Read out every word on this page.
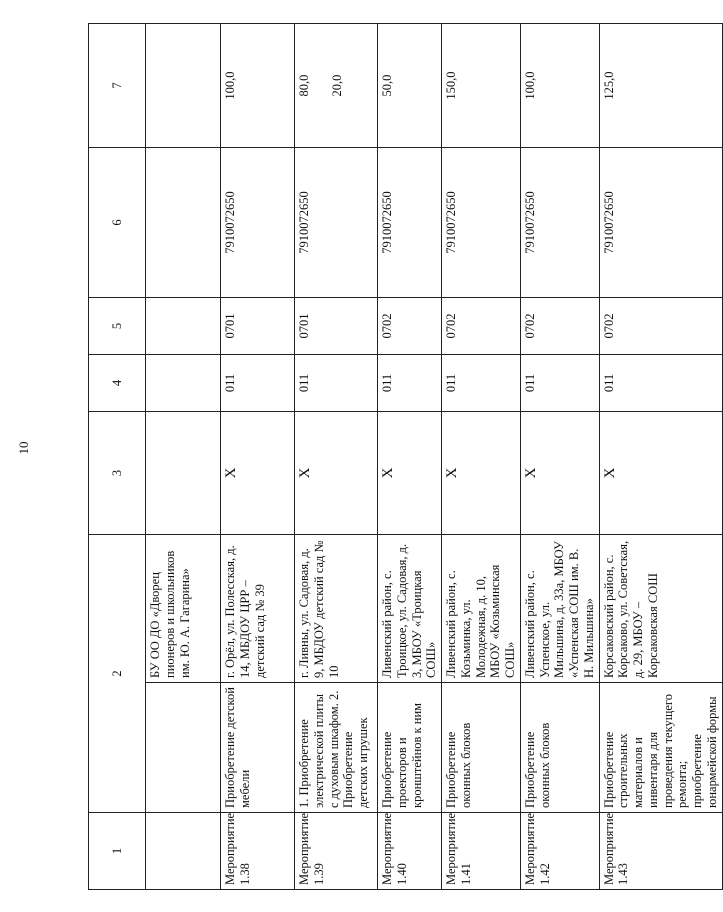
10
1	2		3	4	5	6	7
		БУ ОО ДО «Дворец пионеров и школьников им. Ю. А. Гагарина»					

Мероприятие 1.38	Приобретение детской мебели	г. Орёл, ул. Полесская, д. 14, МБДОУ ЦРР – детский сад № 39	X	011	0701	7910072650	100,0

Мероприятие 1.39	1. Приобретение электрической плиты с духовым шкафом. 2. Приобретение детских игрушек	г. Ливны, ул. Садовая, д. 9, МБДОУ детский сад № 10	X	011	0701	7910072650	80,0 20,0

Мероприятие 1.40	Приобретение проекторов и кронштейнов к ним	Ливенский район, с. Троицкое, ул. Садовая, д. 3, МБОУ «Троицкая СОШ»	X	011	0702	7910072650	50,0

Мероприятие 1.41	Приобретение оконных блоков	Ливенский район, с. Козьминка, ул. Молодежная, д. 10, МБОУ «Козьминская СОШ»	X	011	0702	7910072650	150,0

Мероприятие 1.42	Приобретение оконных блоков	Ливенский район, с. Успенское, ул. Мильшина, д. 33а, МБОУ «Успенская СОШ им. В. Н. Мильшина»	X	011	0702	7910072650	100,0

Мероприятие 1.43	Приобретение строительных материалов и инвентаря для проведения текущего ремонта; приобретение юнармейской формы	Корсаковский район, с. Корсаково, ул. Советская, д. 29, МБОУ – Корсаковская СОШ	X	011	0702	7910072650	125,0
